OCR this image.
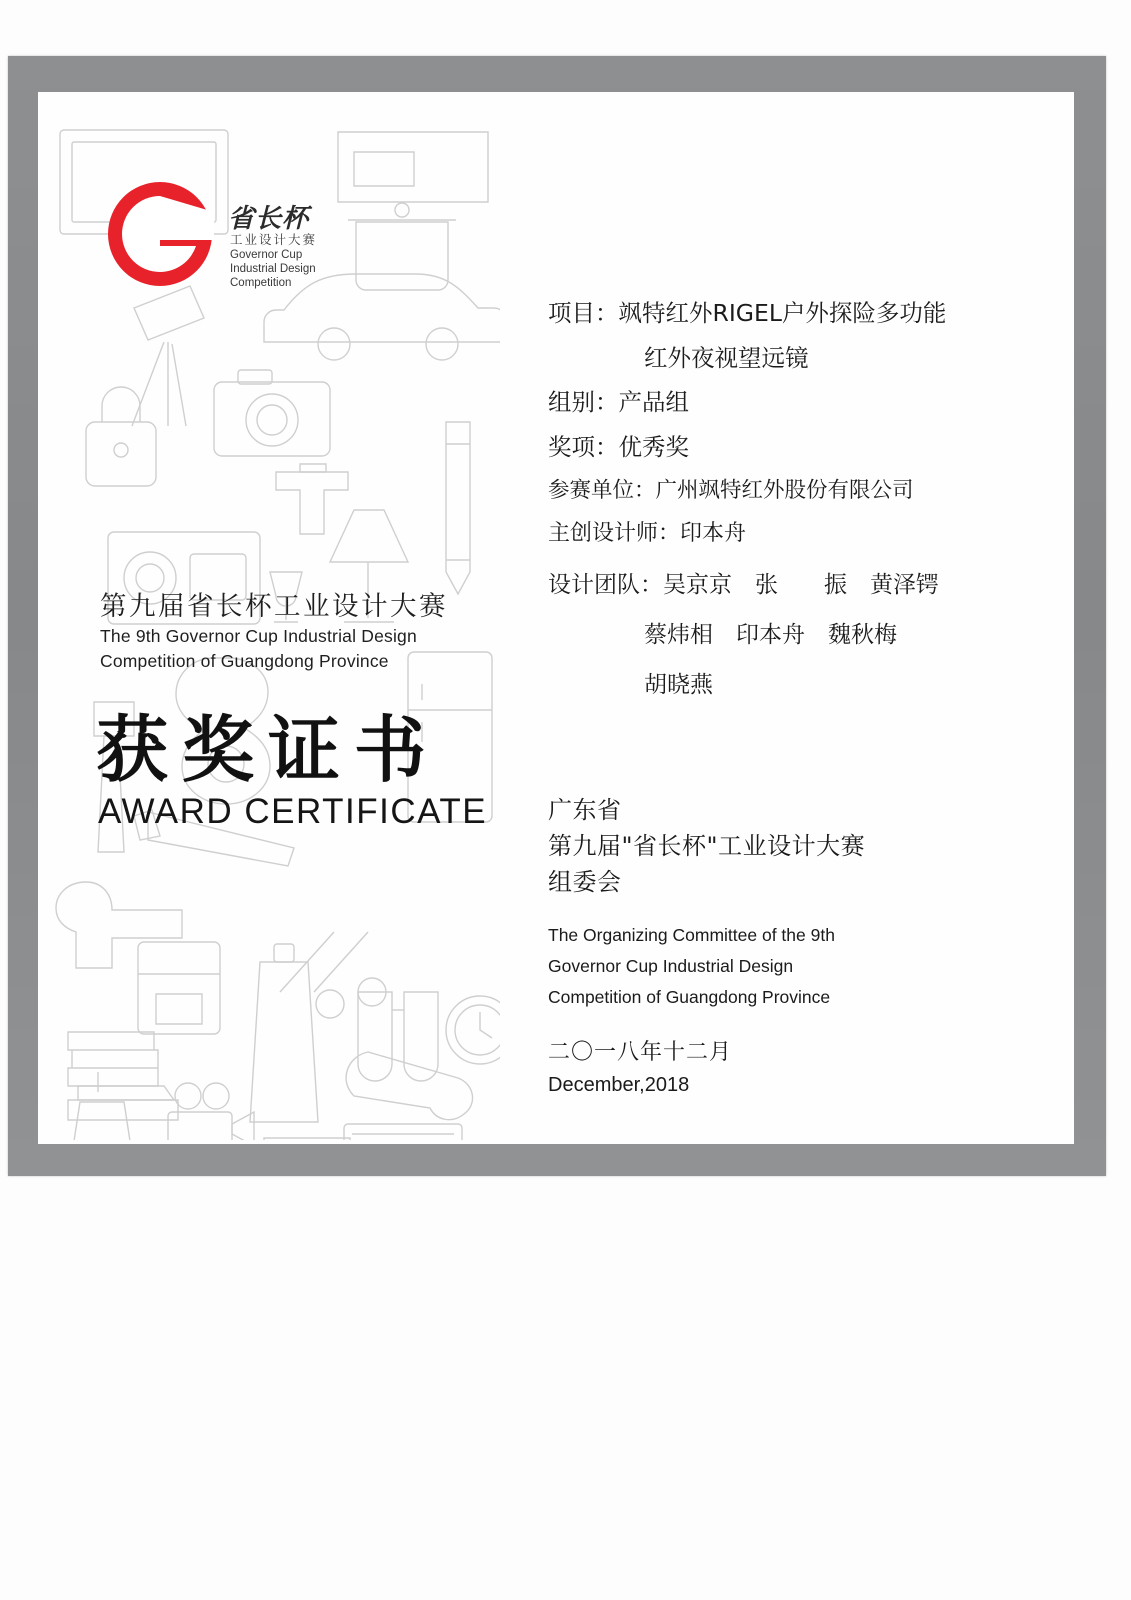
省长杯
工业设计大赛
Governor Cup
Industrial Design
Competition
第九届省长杯工业设计大赛
The 9th Governor Cup Industrial Design
Competition of Guangdong Province
获奖证书
AWARD CERTIFICATE
项目：飒特红外RIGEL户外探险多功能
红外夜视望远镜
组别：产品组
奖项：优秀奖
参赛单位：广州飒特红外股份有限公司
主创设计师：印本舟
设计团队：吴京京　张　　振　黄泽锷
蔡炜相　印本舟　魏秋梅
胡晓燕
广东省
第九届"省长杯"工业设计大赛
组委会
The Organizing Committee of the 9th
Governor Cup Industrial Design
Competition of Guangdong Province
二〇一八年十二月
December,2018
